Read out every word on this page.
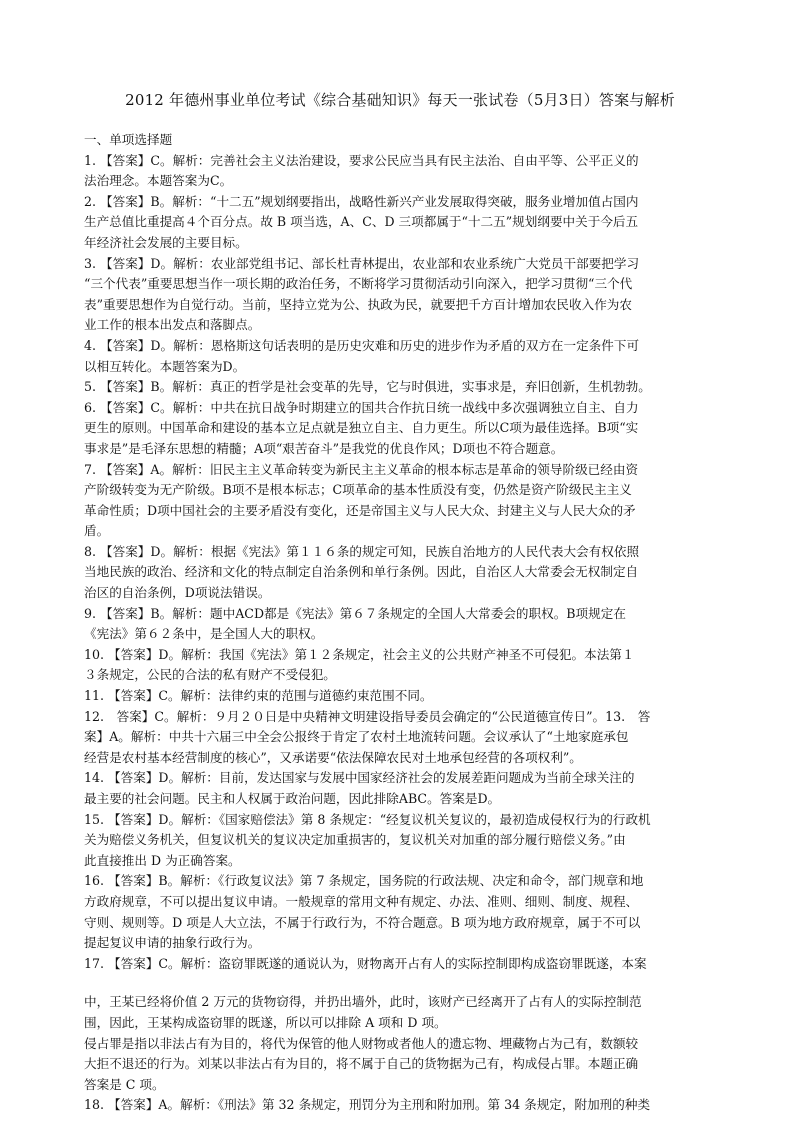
2012 年德州事业单位考试《综合基础知识》每天一张试卷（5月3日）答案与解析

一、单项选择题

1. 【答案】C。解析：完善社会主义法治建设，要求公民应当具有民主法治、自由平等、公平正义的

法治理念。本题答案为C。

2. 【答案】B。解析：“十二五”规划纲要指出，战略性新兴产业发展取得突破，服务业增加值占国内

生产总值比重提高４个百分点。故 B 项当选，A、C、D 三项都属于“十二五”规划纲要中关于今后五

年经济社会发展的主要目标。

3. 【答案】D。解析：农业部党组书记、部长杜青林提出，农业部和农业系统广大党员干部要把学习

“三个代表”重要思想当作一项长期的政治任务，不断将学习贯彻活动引向深入，把学习贯彻“三个代

表”重要思想作为自觉行动。当前，坚持立党为公、执政为民，就要把千方百计增加农民收入作为农

业工作的根本出发点和落脚点。

4. 【答案】D。解析：恩格斯这句话表明的是历史灾难和历史的进步作为矛盾的双方在一定条件下可

以相互转化。本题答案为D。

5. 【答案】B。解析：真正的哲学是社会变革的先导，它与时俱进，实事求是，弃旧创新，生机勃勃。

6. 【答案】C。解析：中共在抗日战争时期建立的国共合作抗日统一战线中多次强调独立自主、自力

更生的原则。中国革命和建设的基本立足点就是独立自主、自力更生。所以C项为最佳选择。B项“实

事求是”是毛泽东思想的精髓；A项“艰苦奋斗”是我党的优良作风；D项也不符合题意。

7. 【答案】A。解析：旧民主主义革命转变为新民主主义革命的根本标志是革命的领导阶级已经由资

产阶级转变为无产阶级。B项不是根本标志；C项革命的基本性质没有变，仍然是资产阶级民主主义

革命性质；D项中国社会的主要矛盾没有变化，还是帝国主义与人民大众、封建主义与人民大众的矛

盾。

8. 【答案】D。解析：根据《宪法》第１１６条的规定可知，民族自治地方的人民代表大会有权依照

当地民族的政治、经济和文化的特点制定自治条例和单行条例。因此，自治区人大常委会无权制定自

治区的自治条例，D项说法错误。

9. 【答案】B。解析：题中ACD都是《宪法》第６７条规定的全国人大常委会的职权。B项规定在

《宪法》第６２条中，是全国人大的职权。

10. 【答案】D。解析：我国《宪法》第１２条规定，社会主义的公共财产神圣不可侵犯。本法第１

３条规定，公民的合法的私有财产不受侵犯。

11. 【答案】C。解析：法律约束的范围与道德约束范围不同。

12.　答案】C。解析：９月２０日是中央精神文明建设指导委员会确定的“公民道德宣传日”。13.　答

案】A。解析：中共十六届三中全会公报终于肯定了农村土地流转问题。会议承认了“土地家庭承包

经营是农村基本经营制度的核心”，又承诺要“依法保障农民对土地承包经营的各项权利”。

14. 【答案】D。解析：目前，发达国家与发展中国家经济社会的发展差距问题成为当前全球关注的

最主要的社会问题。民主和人权属于政治问题，因此排除ABC。答案是D。

15. 【答案】D。解析：《国家赔偿法》第 8 条规定：“经复议机关复议的，最初造成侵权行为的行政机

关为赔偿义务机关，但复议机关的复议决定加重损害的，复议机关对加重的部分履行赔偿义务。”由

此直接推出 D 为正确答案。

16. 【答案】B。解析：《行政复议法》第 7 条规定，国务院的行政法规、决定和命令，部门规章和地

方政府规章，不可以提出复议申请。一般规章的常用文种有规定、办法、准则、细则、制度、规程、

守则、规则等。D 项是人大立法，不属于行政行为，不符合题意。B 项为地方政府规章，属于不可以

提起复议申请的抽象行政行为。

17. 【答案】C。解析：盗窃罪既遂的通说认为，财物离开占有人的实际控制即构成盗窃罪既遂，本案

中，王某已经将价值 2 万元的货物窃得，并扔出墙外，此时，该财产已经离开了占有人的实际控制范

围，因此，王某构成盗窃罪的既遂，所以可以排除 A 项和 D 项。

侵占罪是指以非法占有为目的，将代为保管的他人财物或者他人的遗忘物、埋藏物占为己有，数额较

大拒不退还的行为。刘某以非法占有为目的，将不属于自己的货物据为己有，构成侵占罪。本题正确

答案是 C 项。

18. 【答案】A。解析：《刑法》第 32 条规定，刑罚分为主刑和附加刑。第 34 条规定，附加刑的种类
